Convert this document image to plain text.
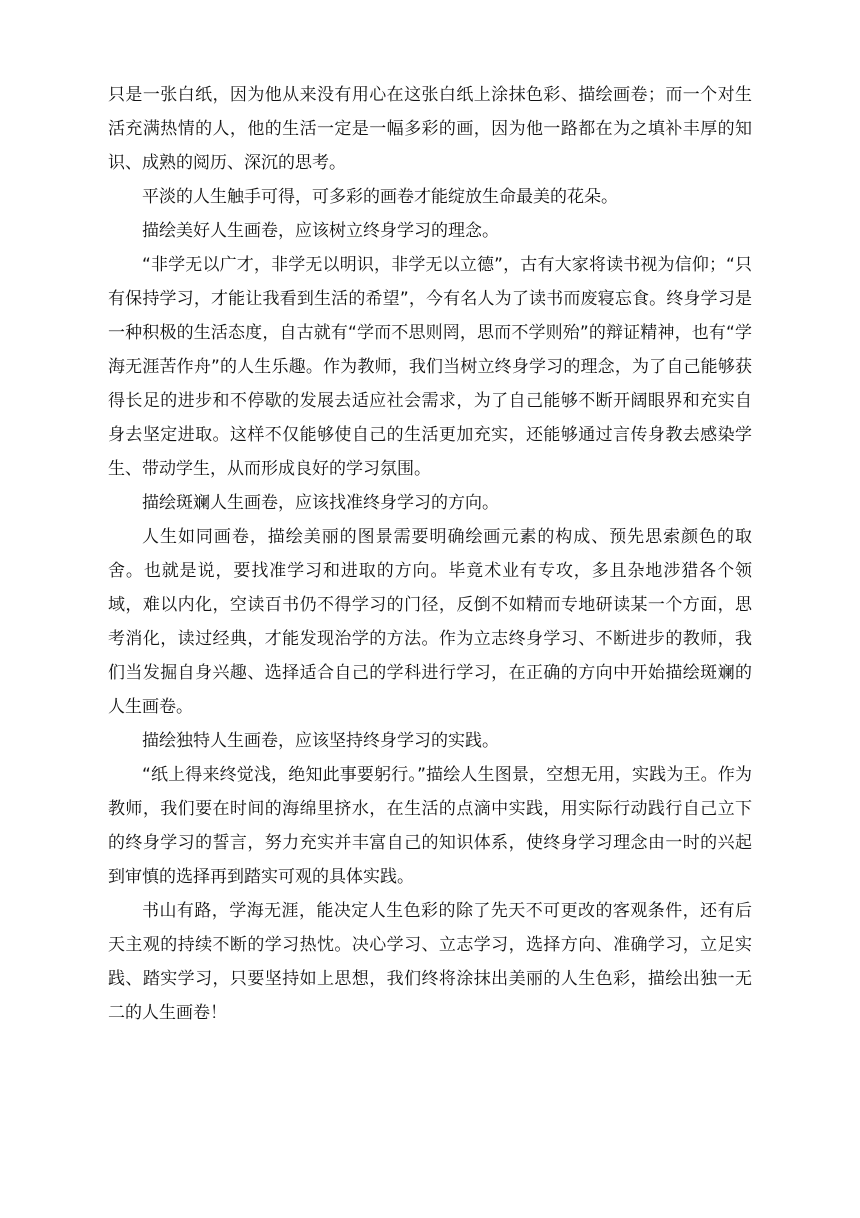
只是一张白纸，因为他从来没有用心在这张白纸上涂抹色彩、描绘画卷；而一个对生活充满热情的人，他的生活一定是一幅多彩的画，因为他一路都在为之填补丰厚的知识、成熟的阅历、深沉的思考。

平淡的人生触手可得，可多彩的画卷才能绽放生命最美的花朵。

描绘美好人生画卷，应该树立终身学习的理念。

“非学无以广才，非学无以明识，非学无以立德”，古有大家将读书视为信仰；“只有保持学习，才能让我看到生活的希望”，今有名人为了读书而废寝忘食。终身学习是一种积极的生活态度，自古就有“学而不思则罔，思而不学则殆”的辩证精神，也有“学海无涯苦作舟”的人生乐趣。作为教师，我们当树立终身学习的理念，为了自己能够获得长足的进步和不停歇的发展去适应社会需求，为了自己能够不断开阔眼界和充实自身去坚定进取。这样不仅能够使自己的生活更加充实，还能够通过言传身教去感染学生、带动学生，从而形成良好的学习氛围。

描绘斑斓人生画卷，应该找准终身学习的方向。

人生如同画卷，描绘美丽的图景需要明确绘画元素的构成、预先思索颜色的取舍。也就是说，要找准学习和进取的方向。毕竟术业有专攻，多且杂地涉猎各个领域，难以内化，空读百书仍不得学习的门径，反倒不如精而专地研读某一个方面，思考消化，读过经典，才能发现治学的方法。作为立志终身学习、不断进步的教师，我们当发掘自身兴趣、选择适合自己的学科进行学习，在正确的方向中开始描绘斑斓的人生画卷。

描绘独特人生画卷，应该坚持终身学习的实践。

“纸上得来终觉浅，绝知此事要躬行。”描绘人生图景，空想无用，实践为王。作为教师，我们要在时间的海绵里挤水，在生活的点滴中实践，用实际行动践行自己立下的终身学习的誓言，努力充实并丰富自己的知识体系，使终身学习理念由一时的兴起到审慎的选择再到踏实可观的具体实践。

书山有路，学海无涯，能决定人生色彩的除了先天不可更改的客观条件，还有后天主观的持续不断的学习热忱。决心学习、立志学习，选择方向、准确学习，立足实践、踏实学习，只要坚持如上思想，我们终将涂抹出美丽的人生色彩，描绘出独一无二的人生画卷！
